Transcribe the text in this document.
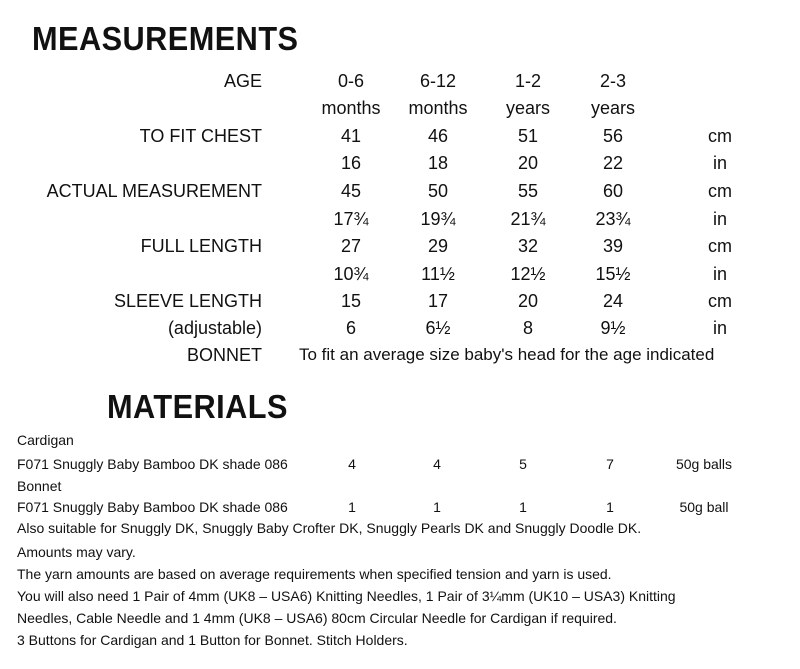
MEASUREMENTS
AGE	0-6	6-12	1-2	2-3
months	months	years	years
TO FIT CHEST	41	46	51	56	cm
16	18	20	22	in
ACTUAL MEASUREMENT	45	50	55	60	cm
17¾	19¾	21¾	23¾	in
FULL LENGTH	27	29	32	39	cm
10¾	11½	12½	15½	in
SLEEVE LENGTH	15	17	20	24	cm
(adjustable)	6	6½	8	9½	in
BONNET To fit an average size baby's head for the age indicated
MATERIALS
Cardigan
F071 Snuggly Baby Bamboo DK shade 086	4	4	5	7	50g balls
Bonnet
F071 Snuggly Baby Bamboo DK shade 086	1	1	1	1	50g ball
Also suitable for Snuggly DK, Snuggly Baby Crofter DK, Snuggly Pearls DK and Snuggly Doodle DK.
Amounts may vary.
The yarn amounts are based on average requirements when specified tension and yarn is used.
You will also need 1 Pair of 4mm (UK8 – USA6) Knitting Needles, 1 Pair of 3¼mm (UK10 – USA3) Knitting
Needles, Cable Needle and 1 4mm (UK8 – USA6) 80cm Circular Needle for Cardigan if required.
3 Buttons for Cardigan and 1 Button for Bonnet. Stitch Holders.
